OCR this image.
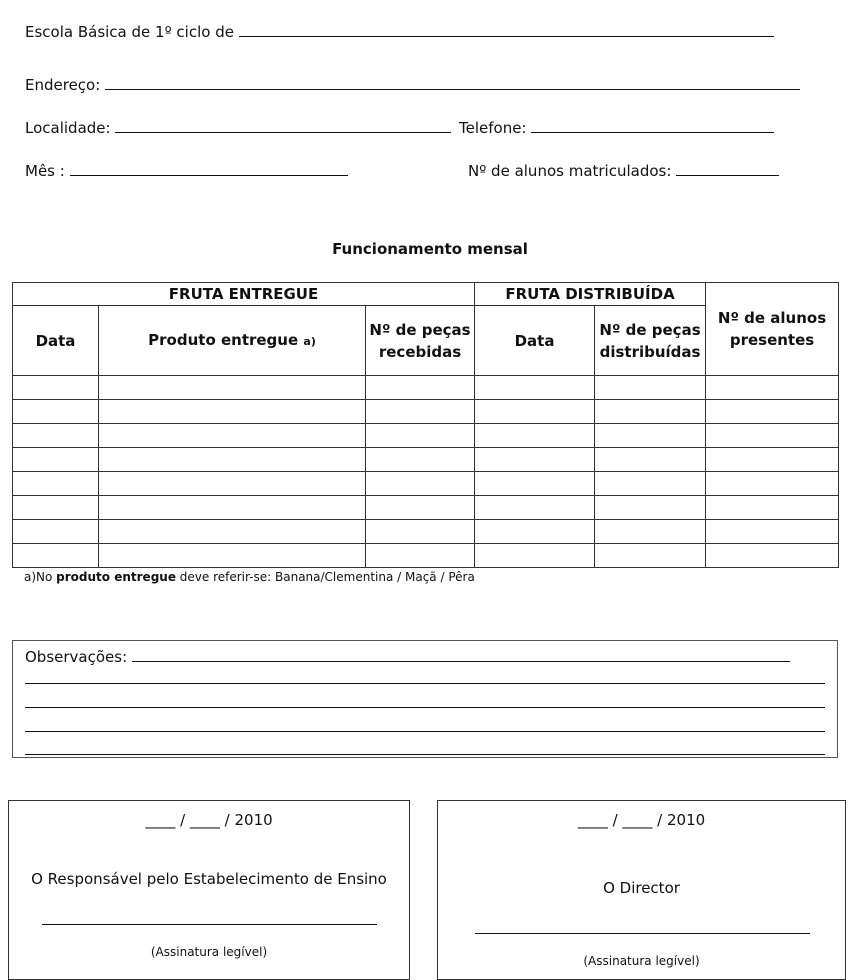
Escola Básica de 1º ciclo de
Endereço:
Localidade:	Telefone:
Mês :	Nº de alunos matriculados:
Funcionamento mensal
FRUTA ENTREGUE			FRUTA DISTRIBUÍDA		Nº de alunos presentes
Data	Produto entregue a)	Nº de peças recebidas	Data	Nº de peças distribuídas	

a)No produto entregue deve referir-se: Banana/Clementina / Maçã / Pêra
Observações:
____ / ____ / 2010
O Responsável pelo Estabelecimento de Ensino
(Assinatura legível)
____ / ____ / 2010
O Director
(Assinatura legível)
